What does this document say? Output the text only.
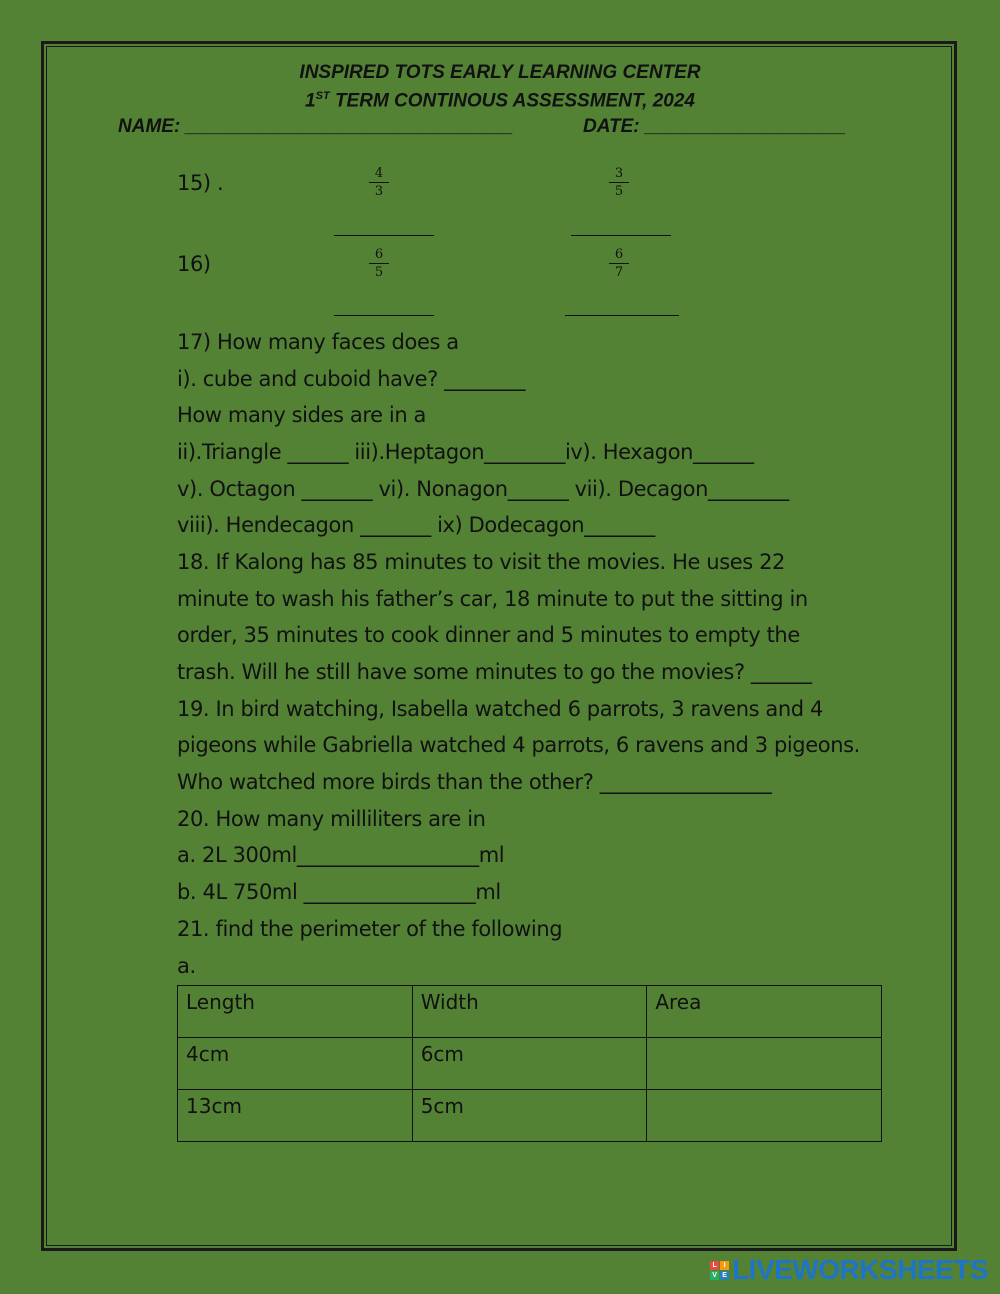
INSPIRED TOTS EARLY LEARNING CENTER
1ST TERM CONTINOUS ASSESSMENT, 2024
NAME: _______________________________	DATE: ___________________
15) .	$\frac{4}{3}$	$\frac{3}{5}$
16)	$\frac{6}{5}$	$\frac{6}{7}$
17) How many faces does a
i). cube and cuboid have? ________
How many sides are in a
ii).Triangle ______ iii).Heptagon________iv). Hexagon______
v). Octagon _______ vi). Nonagon______ vii). Decagon________
viii). Hendecagon _______ ix) Dodecagon_______
18. If Kalong has 85 minutes to visit the movies. He uses 22
minute to wash his father’s car, 18 minute to put the sitting in
order, 35 minutes to cook dinner and 5 minutes to empty the
trash. Will he still have some minutes to go the movies? ______
19. In bird watching, Isabella watched 6 parrots, 3 ravens and 4
pigeons while Gabriella watched 4 parrots, 6 ravens and 3 pigeons.
Who watched more birds than the other? _________________
20. How many milliliters are in
a. 2L 300ml__________________ml
b. 4L 750ml _________________ml
21. find the perimeter of the following
a.
Length	Width	Area
4cm	6cm	
13cm	5cm	
L I
V E LIVEWORKSHEETS
